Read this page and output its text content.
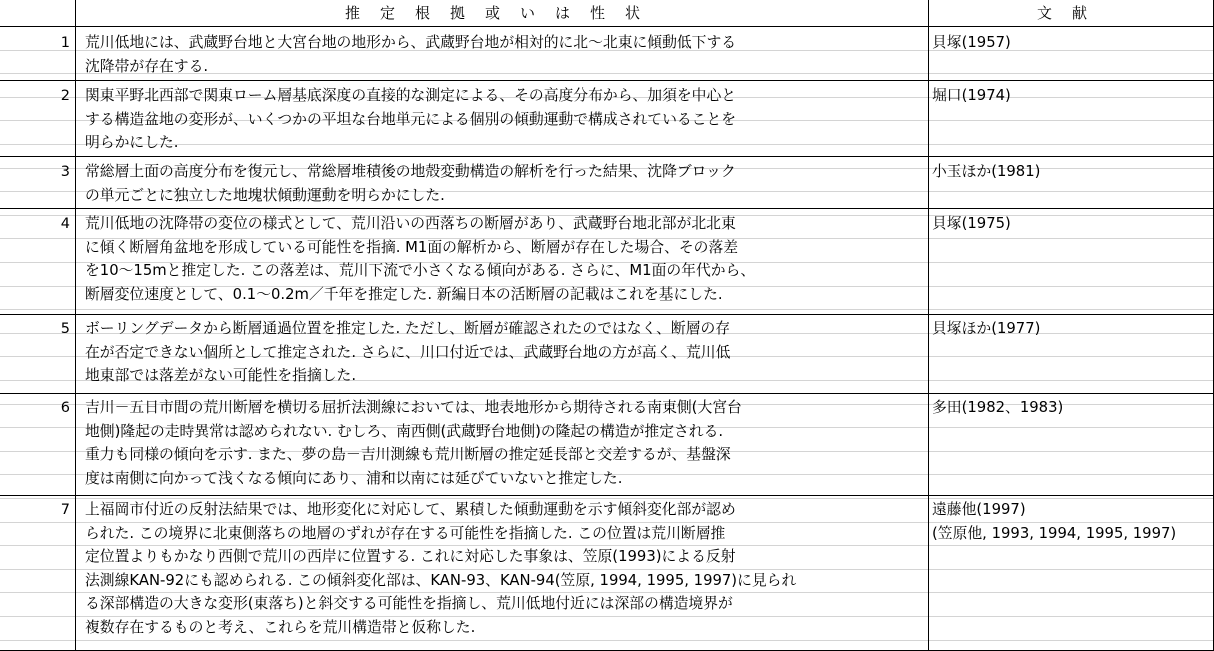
推定根拠或いは性状	文献
1 荒川低地には、武蔵野台地と大宮台地の地形から、武蔵野台地が相対的に北～北東に傾動低下する
沈降帯が存在する.
貝塚(1957)
2 関東平野北西部で関東ローム層基底深度の直接的な測定による、その高度分布から、加須を中心と
する構造盆地の変形が、いくつかの平坦な台地単元による個別の傾動運動で構成されていることを
明らかにした.
堀口(1974)
3 常総層上面の高度分布を復元し、常総層堆積後の地殻変動構造の解析を行った結果、沈降ブロック
の単元ごとに独立した地塊状傾動運動を明らかにした.
小玉ほか(1981)
4 荒川低地の沈降帯の変位の様式として、荒川沿いの西落ちの断層があり、武蔵野台地北部が北北東
に傾く断層角盆地を形成している可能性を指摘. M1面の解析から、断層が存在した場合、その落差
を10～15mと推定した. この落差は、荒川下流で小さくなる傾向がある. さらに、M1面の年代から、
断層変位速度として、0.1～0.2m／千年を推定した. 新編日本の活断層の記載はこれを基にした.
貝塚(1975)
5 ボーリングデータから断層通過位置を推定した. ただし、断層が確認されたのではなく、断層の存
在が否定できない個所として推定された. さらに、川口付近では、武蔵野台地の方が高く、荒川低
地東部では落差がない可能性を指摘した.
貝塚ほか(1977)
6 吉川－五日市間の荒川断層を横切る屈折法測線においては、地表地形から期待される南東側(大宮台
地側)隆起の走時異常は認められない. むしろ、南西側(武蔵野台地側)の隆起の構造が推定される.
重力も同様の傾向を示す. また、夢の島－吉川測線も荒川断層の推定延長部と交差するが、基盤深
度は南側に向かって浅くなる傾向にあり、浦和以南には延びていないと推定した.
多田(1982、1983)
7 上福岡市付近の反射法結果では、地形変化に対応して、累積した傾動運動を示す傾斜変化部が認め
られた. この境界に北東側落ちの地層のずれが存在する可能性を指摘した. この位置は荒川断層推
定位置よりもかなり西側で荒川の西岸に位置する. これに対応した事象は、笠原(1993)による反射
法測線KAN-92にも認められる. この傾斜変化部は、KAN-93、KAN-94(笠原, 1994, 1995, 1997)に見られ
る深部構造の大きな変形(東落ち)と斜交する可能性を指摘し、荒川低地付近には深部の構造境界が
複数存在するものと考え、これらを荒川構造帯と仮称した.
遠藤他(1997)
(笠原他, 1993, 1994, 1995, 1997)
